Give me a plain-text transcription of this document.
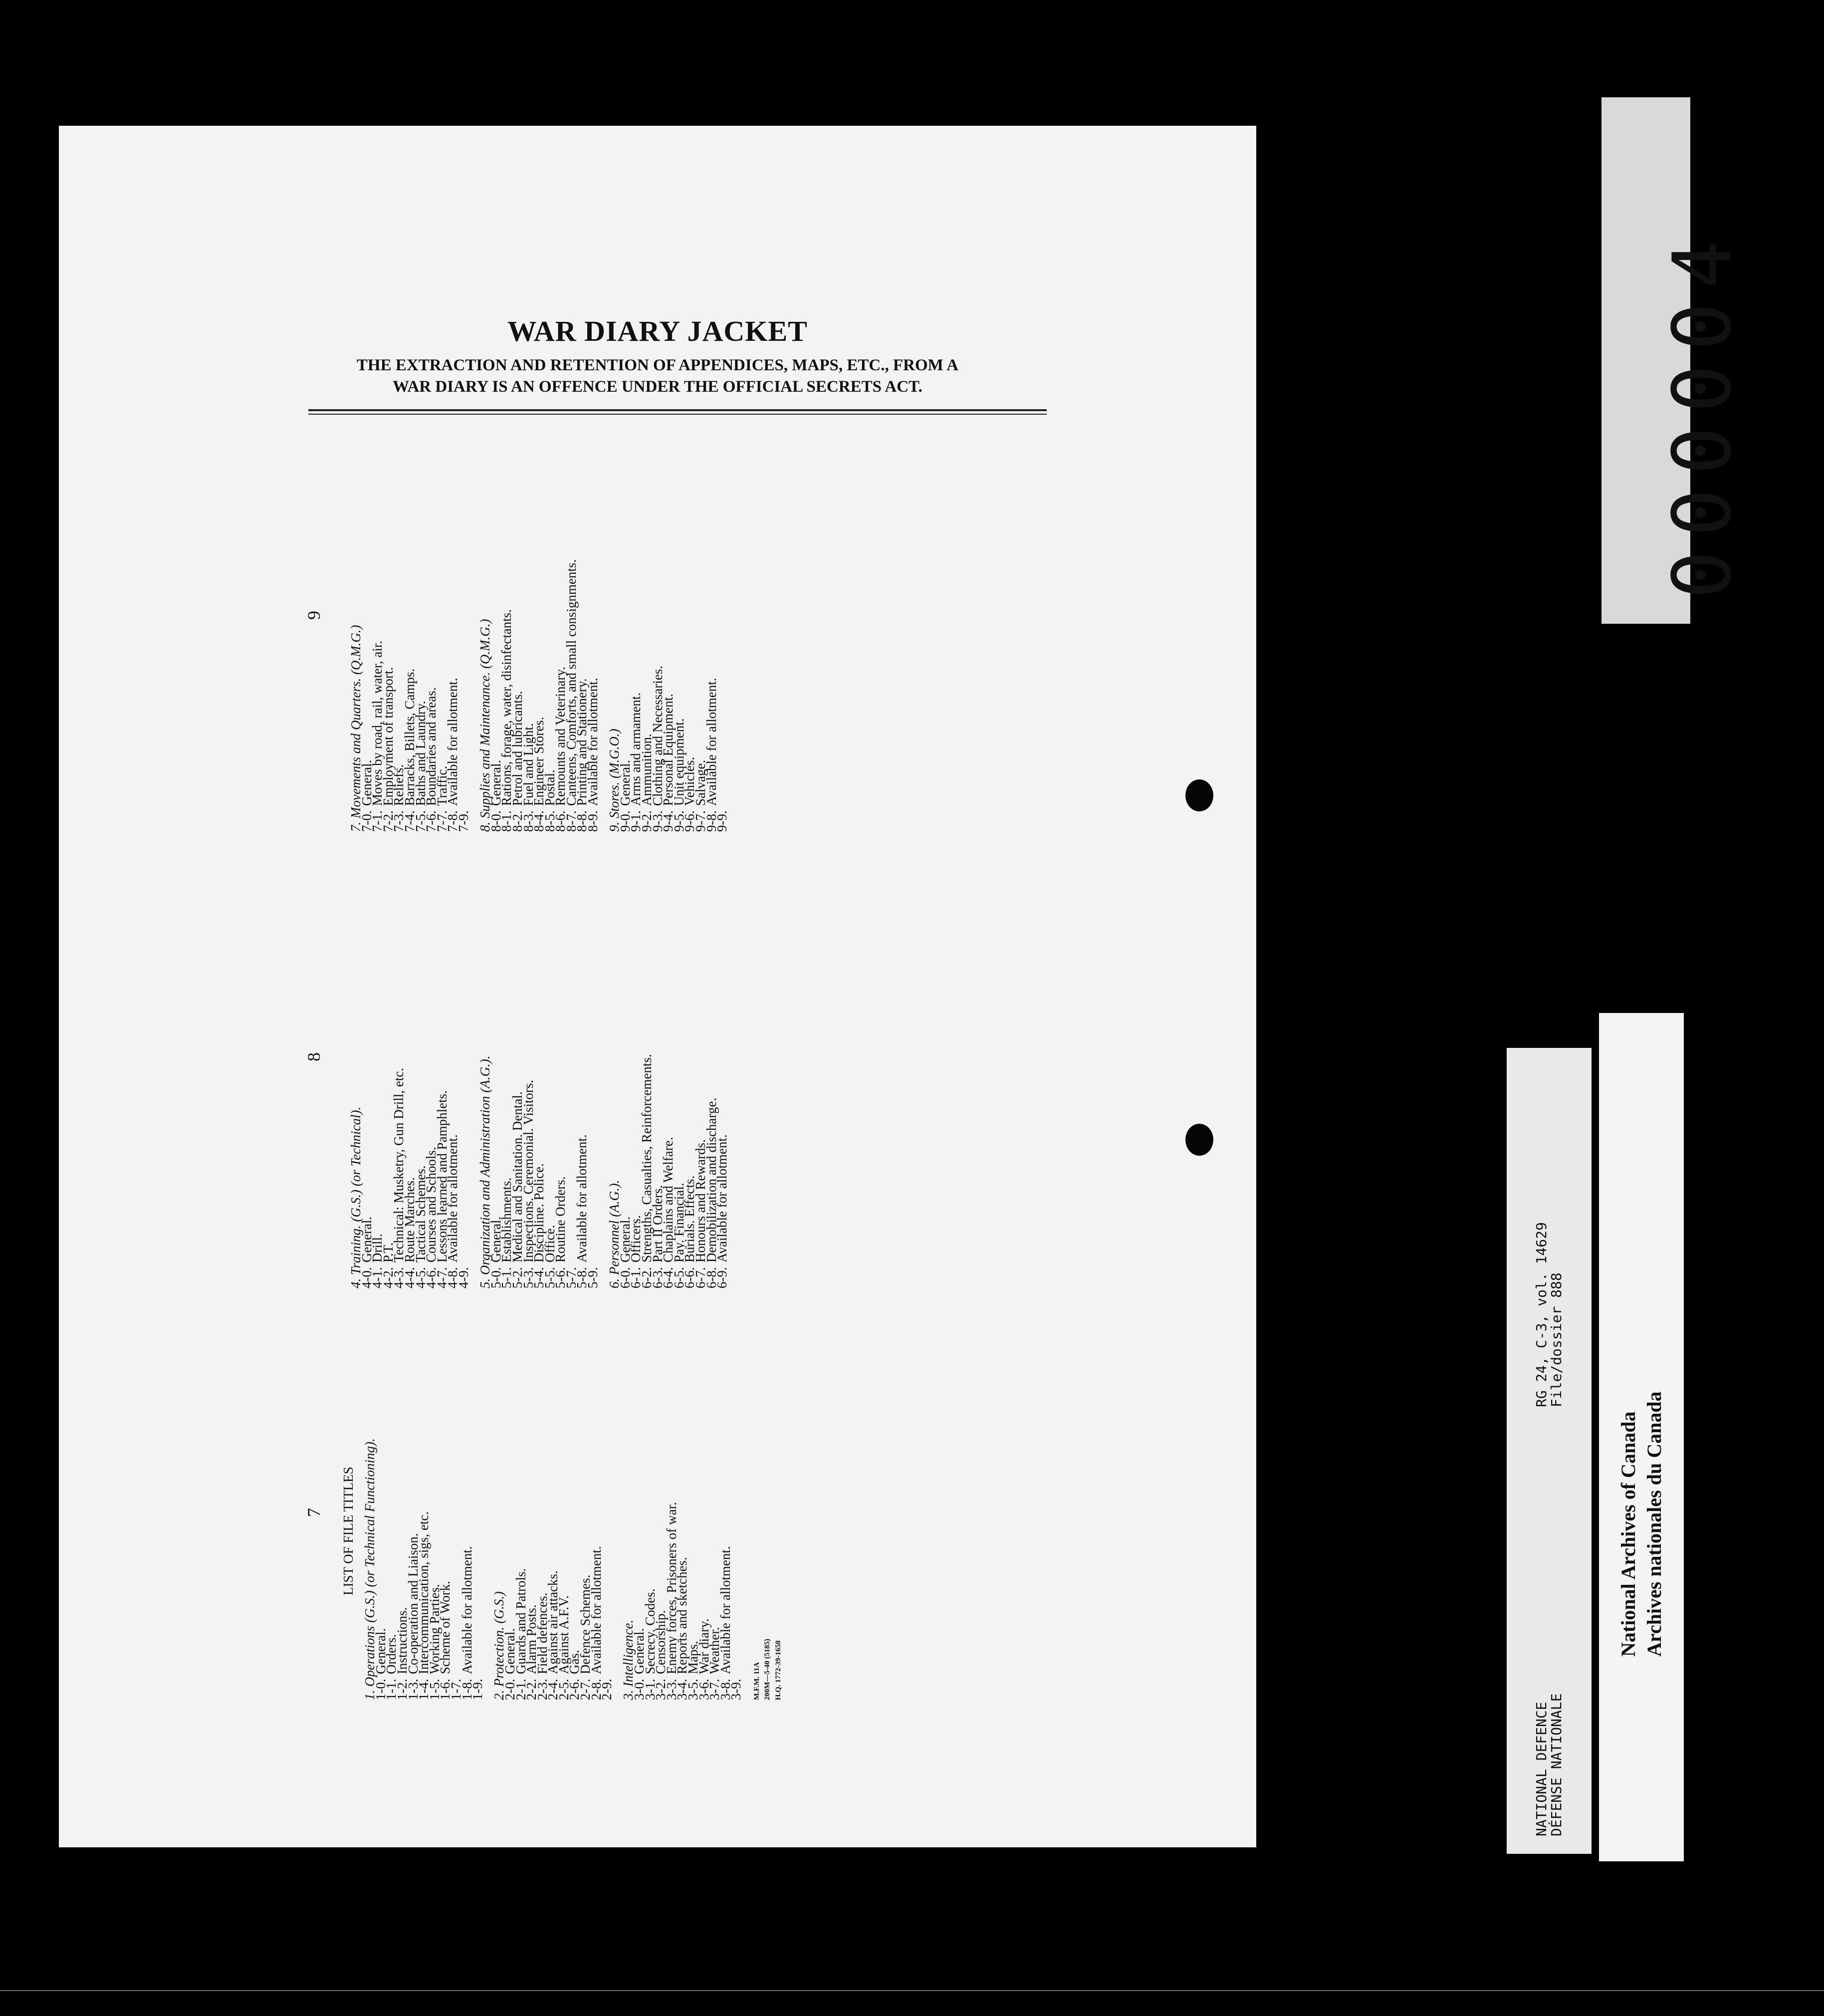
WAR DIARY JACKET
THE EXTRACTION AND RETENTION OF APPENDICES, MAPS, ETC., FROM A
WAR DIARY IS AN OFFENCE UNDER THE OFFICIAL SECRETS ACT.
7
8
9
LIST OF FILE TITLES 1. Operations (G.S.) (or Technical Functioning).
1-0.General.
1-1.Orders.
1-2.Instructions.
1-3.Co-operation and Liaison.
1-4.Intercommunication, sigs, etc.
1-5.Working Parties.
1-6.Scheme of Work.
1-7.
1-8.Available for allotment.
1-9. 2. Protection. (G.S.)
2-0.General.
2-1.Guards and Patrols.
2-2.Alarm Posts.
2-3.Field defences.
2-4.Against air attacks.
2-5.Against A.F.V.
2-6.Gas.
2-7.Defence Schemes.
2-8.Available for allotment.
2-9. 3. Intelligence.
3-0.General.
3-1.Secrecy. Codes.
3-2.Censorship.
3-3.Enemy forces, Prisoners of war.
3-4.Reports and sketches.
3-5.Maps.
3-6.War diary.
3-7.Weather.
3-8.Available for allotment.
3-9. M.F.M. 11A 200M—5-40 (5185) H.Q. 1772-39-1658
4. Training. (G.S.) (or Technical).
4-0.General.
4-1.Drill.
4-2.P.T.
4-3.Technical: Musketry, Gun Drill, etc.
4-4.Route Marches.
4-5.Tactical Schemes.
4-6.Courses and Schools.
4-7.Lessons learned and Pamphlets.
4-8.Available for allotment.
4-9. 5. Organization and Administration (A.G.).
5-0.General.
5-1.Establishments.
5-2.Medical and Sanitation. Dental.
5-3.Inspections. Ceremonial. Visitors.
5-4.Discipline. Police.
5-5.Office.
5-6.Routine Orders.
5-7.
5-8.Available for allotment.
5-9. 6. Personnel (A.G.).
6-0.General.
6-1.Officers.
6-2.Strengths, Casualties, Reinforcements.
6-3.Part II Orders.
6-4.Chaplains and Welfare.
6-5.Pay. Financial.
6-6.Burials. Effects.
6-7.Honours and Rewards.
6-8.Demobilization and discharge.
6-9.Available for allotment.
7. Movements and Quarters. (Q.M.G.)
7-0.General.
7-1.Moves by road, rail, water, air.
7-2.Employment of transport.
7-3.Reliefs.
7-4.Barracks, Billets, Camps.
7-5.Baths and Laundry.
7-6.Boundaries and areas.
7-7.Traffic.
7-8.Available for allotment.
7-9. 8. Supplies and Maintenance. (Q.M.G.)
8-0.General.
8-1.Rations, forage, water, disinfectants.
8-2.Petrol and lubricants.
8-3.Fuel and Light.
8-4.Engineer Stores.
8-5.Postal.
8-6.Remounts and Veterinary.
8-7.Canteens, Comforts, and small consignments.
8-8.Printing and Stationery.
8-9.Available for allotment. 9. Stores. (M.G.O.)
9-0.General.
9-1.Arms and armament.
9-2.Ammunition.
9-3.Clothing and Necessaries.
9-4.Personal Equipment.
9-5.Unit equipment.
9-6.Vehicles.
9-7.Salvage.
9-8.Available for allotment.
9-9.
000004
NATIONAL DEFENCE
DÉFENSE NATIONALE
RG 24, C-3, vol. 14629
File/dossier 888
National Archives of Canada Archives nationales du Canada
